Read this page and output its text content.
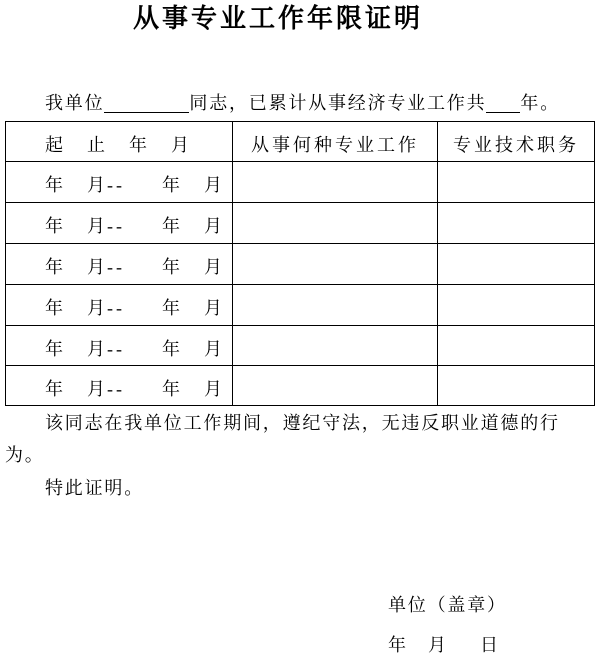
从事专业工作年限证明
我单位	同志，已累计从事经济专业工作共 年。
起　止　年　月	从事何种专业工作	专业技术职务

年 月 -- 年 月		

年 月 -- 年 月		

年 月 -- 年 月		

年 月 -- 年 月		

年 月 -- 年 月		

年 月 -- 年 月		

该同志在我单位工作期间，遵纪守法，无违反职业道德的行
为。
特此证明。
单位（盖章）
年 月 日
